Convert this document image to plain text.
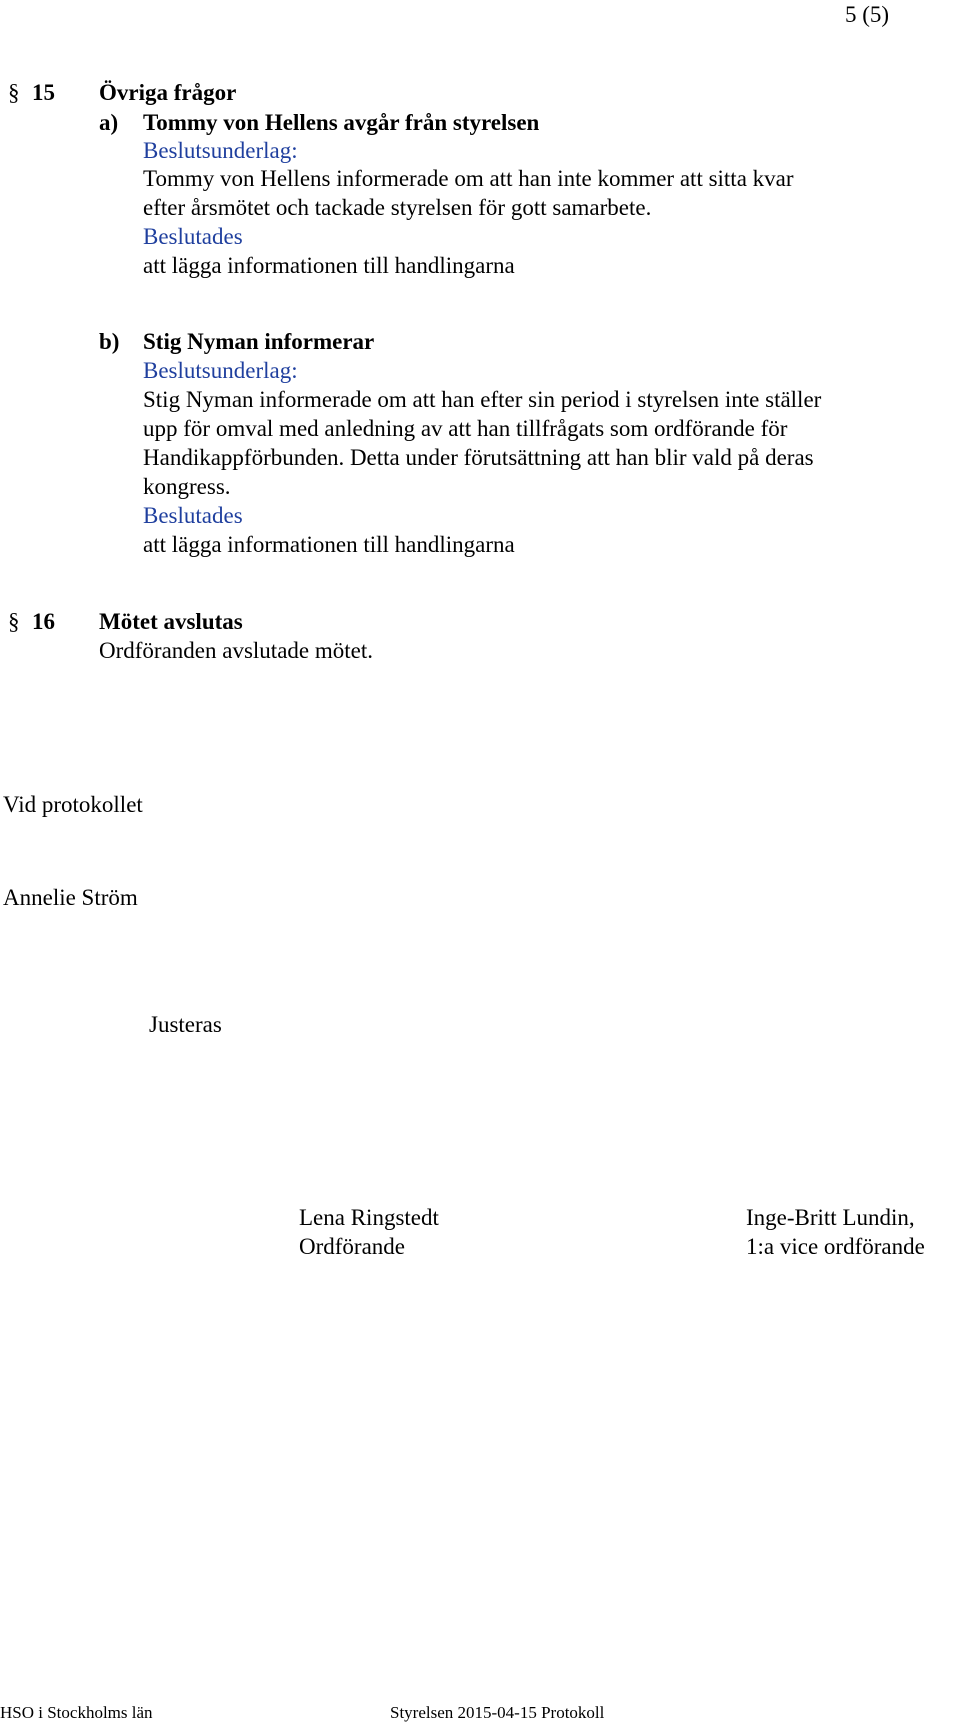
5 (5)
§ 15 Övriga frågor
a) Tommy von Hellens avgår från styrelsen
Beslutsunderlag:
Tommy von Hellens informerade om att han inte kommer att sitta kvar
efter årsmötet och tackade styrelsen för gott samarbete.
Beslutades
att lägga informationen till handlingarna
b) Stig Nyman informerar
Beslutsunderlag:
Stig Nyman informerade om att han efter sin period i styrelsen inte ställer
upp för omval med anledning av att han tillfrågats som ordförande för
Handikappförbunden. Detta under förutsättning att han blir vald på deras
kongress.
Beslutades
att lägga informationen till handlingarna
§ 16 Mötet avslutas
Ordföranden avslutade mötet.
Vid protokollet
Annelie Ström
Justeras
Lena Ringstedt
Ordförande
Inge-Britt Lundin,
1:a vice ordförande
HSO i Stockholms län	Styrelsen 2015-04-15 Protokoll
